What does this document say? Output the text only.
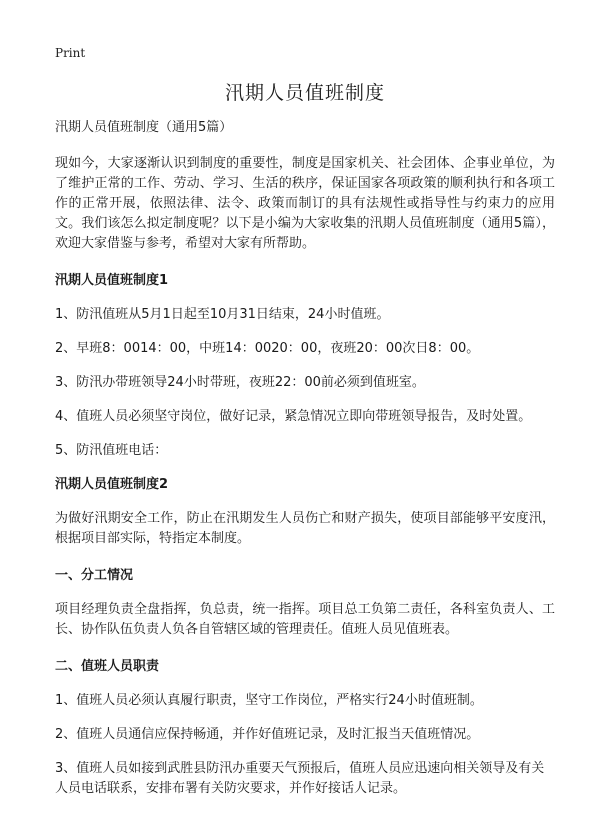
Print
汛期人员值班制度
汛期人员值班制度（通用5篇）

现如今，大家逐渐认识到制度的重要性，制度是国家机关、社会团体、企事业单位，为了维护正常的工作、劳动、学习、生活的秩序，保证国家各项政策的顺利执行和各项工作的正常开展，依照法律、法令、政策而制订的具有法规性或指导性与约束力的应用文。我们该怎么拟定制度呢？以下是小编为大家收集的汛期人员值班制度（通用5篇），欢迎大家借鉴与参考，希望对大家有所帮助。

汛期人员值班制度1

1、防汛值班从5月1日起至10月31日结束，24小时值班。

2、早班8：0014：00，中班14：0020：00，夜班20：00次日8：00。

3、防汛办带班领导24小时带班，夜班22：00前必须到值班室。

4、值班人员必须坚守岗位，做好记录，紧急情况立即向带班领导报告，及时处置。

5、防汛值班电话：

汛期人员值班制度2

为做好汛期安全工作，防止在汛期发生人员伤亡和财产损失，使项目部能够平安度汛，根据项目部实际，特指定本制度。

一、分工情况

项目经理负责全盘指挥，负总责，统一指挥。项目总工负第二责任，各科室负责人、工长、协作队伍负责人负各自管辖区域的管理责任。值班人员见值班表。

二、值班人员职责

1、值班人员必须认真履行职责，坚守工作岗位，严格实行24小时值班制。

2、值班人员通信应保持畅通，并作好值班记录，及时汇报当天值班情况。

3、值班人员如接到武胜县防汛办重要天气预报后，值班人员应迅速向相关领导及有关人员电话联系，安排布署有关防灾要求，并作好接话人记录。
